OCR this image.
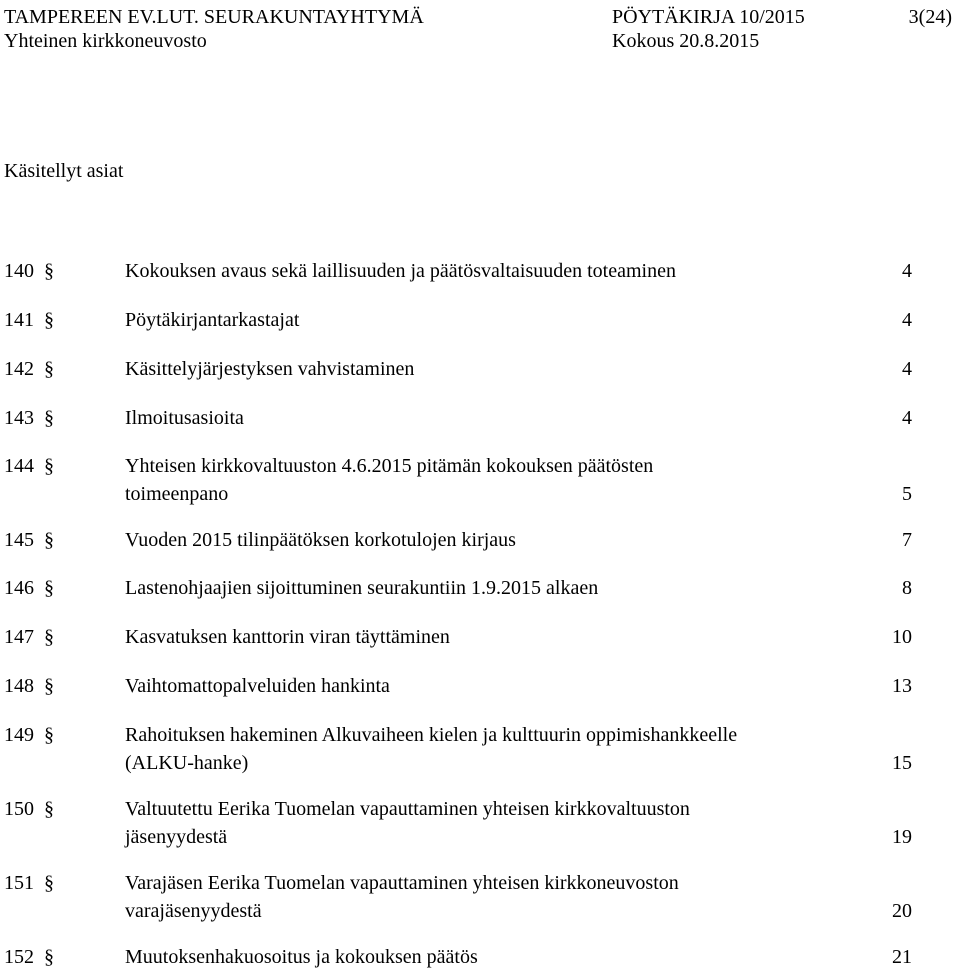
TAMPEREEN EV.LUT. SEURAKUNTAYHTYMÄ	PÖYTÄKIRJA 10/2015	3(24)
Yhteinen kirkkoneuvosto	Kokous 20.8.2015
Käsitellyt asiat
140 §	Kokouksen avaus sekä laillisuuden ja päätösvaltaisuuden toteaminen	4
141 §	Pöytäkirjantarkastajat	4
142 §	Käsittelyjärjestyksen vahvistaminen	4
143 §	Ilmoitusasioita	4
144 §	Yhteisen kirkkovaltuuston 4.6.2015 pitämän kokouksen päätösten
toimeenpano	5
145 §	Vuoden 2015 tilinpäätöksen korkotulojen kirjaus	7
146 §	Lastenohjaajien sijoittuminen seurakuntiin 1.9.2015 alkaen	8
147 §	Kasvatuksen kanttorin viran täyttäminen	10
148 §	Vaihtomattopalveluiden hankinta	13
149 §	Rahoituksen hakeminen Alkuvaiheen kielen ja kulttuurin oppimishankkeelle
(ALKU-hanke)	15
150 §	Valtuutettu Eerika Tuomelan vapauttaminen yhteisen kirkkovaltuuston
jäsenyydestä	19
151 §	Varajäsen Eerika Tuomelan vapauttaminen yhteisen kirkkoneuvoston
varajäsenyydestä	20
152 §	Muutoksenhakuosoitus ja kokouksen päätös	21
